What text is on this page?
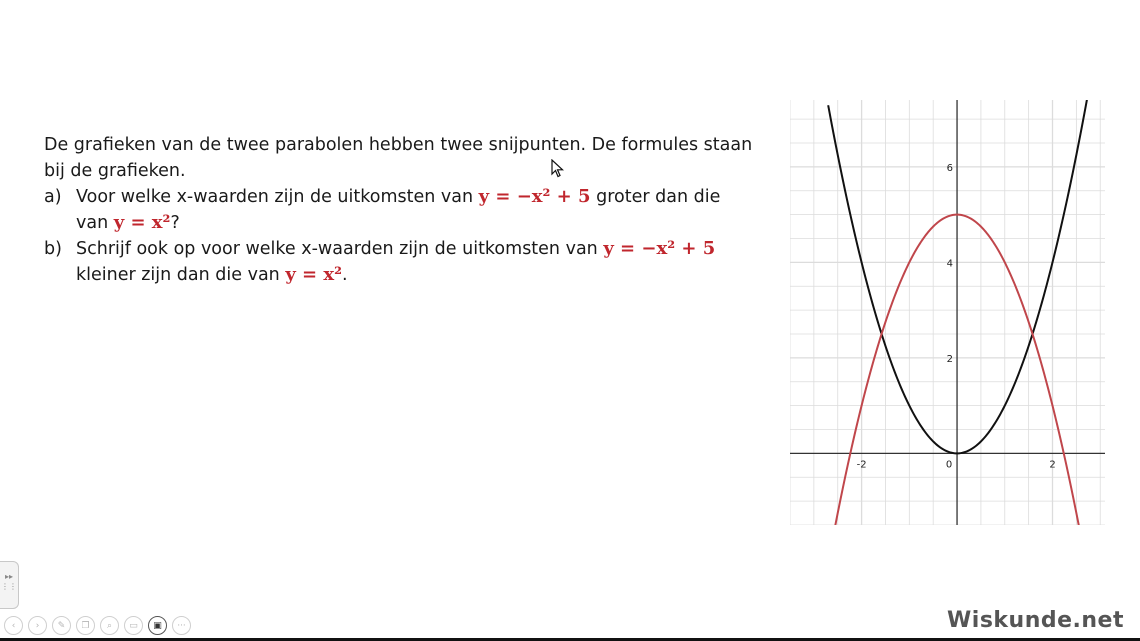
De grafieken van de twee parabolen hebben twee snijpunten. De formules staan bij de grafieken.

a) Voor welke x-waarden zijn de uitkomsten van y = −x² + 5 groter dan die van y = x²?
b) Schrijf ook op voor welke x-waarden zijn de uitkomsten van y = −x² + 5 kleiner zijn dan die van y = x².
-2	0	2
2
4
6
▸▸
⋮⋮
‹ › ✎ ❐ ⌕ ▭ ▣ ···	Wiskunde.net
